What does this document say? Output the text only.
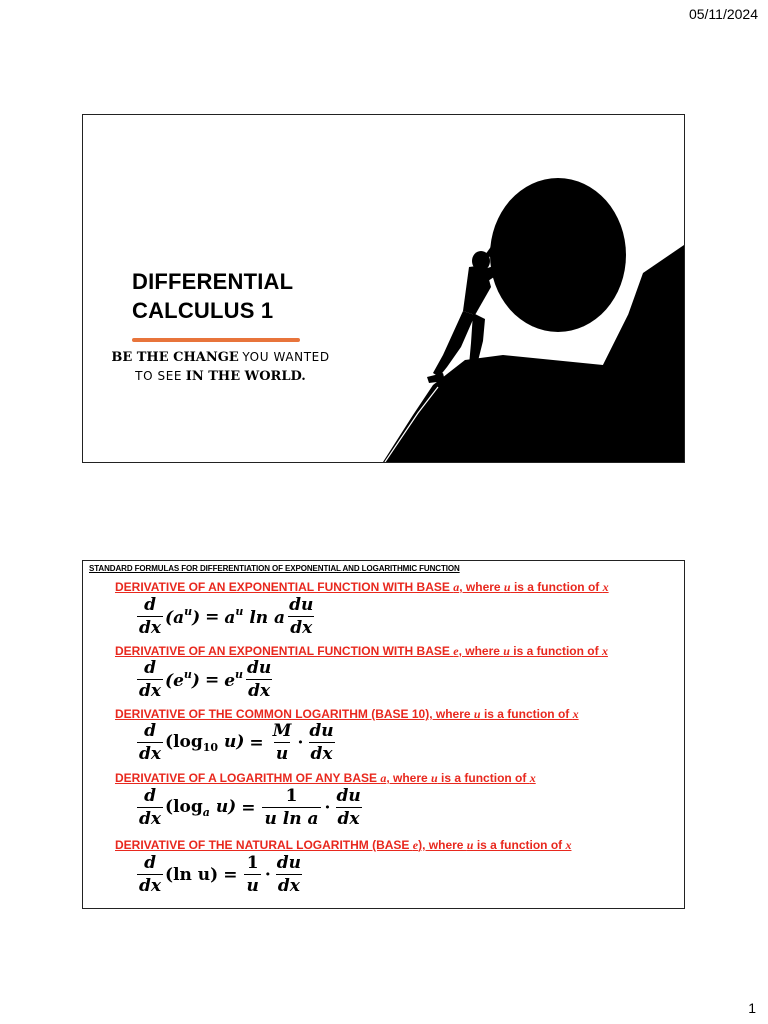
05/11/2024
DIFFERENTIAL
CALCULUS 1
BE THE CHANGE YOU WANTED
TO SEE IN THE WORLD.
STANDARD FORMULAS FOR DIFFERENTIATION OF EXPONENTIAL AND LOGARITHMIC FUNCTION
DERIVATIVE OF AN EXPONENTIAL FUNCTION WITH BASE a, where u is a function of x
$\frac{d}{dx} (a^u) = a^u$ ln a $\frac{du}{dx}$
DERIVATIVE OF AN EXPONENTIAL FUNCTION WITH BASE e, where u is a function of x
$\frac{d}{dx} (e^u) = e^u \frac{du}{dx}$
DERIVATIVE OF THE COMMON LOGARITHM (BASE 10), where u is a function of x
$\frac{d}{dx} (\log_{10}$ $u) = \frac{M}{u} \cdot \frac{du}{dx}$
DERIVATIVE OF A LOGARITHM OF ANY BASE a, where u is a function of x
$\frac{d}{dx} (\log_a$ $u) = \frac{1}{\text{u ln a}} \cdot \frac{du}{dx}$
DERIVATIVE OF THE NATURAL LOGARITHM (BASE e), where u is a function of x
$\frac{d}{dx} (\ln$ $u) = \frac{1}{u} \cdot \frac{du}{dx}$
1
